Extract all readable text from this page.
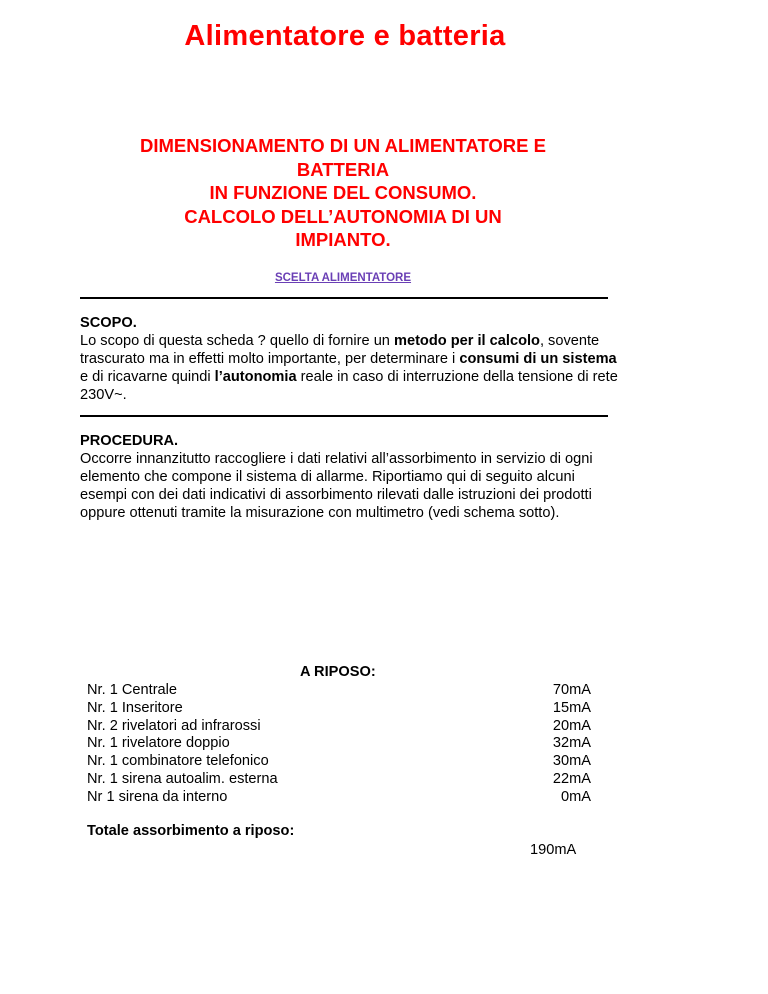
Alimentatore e batteria
DIMENSIONAMENTO DI UN ALIMENTATORE E
BATTERIA
IN FUNZIONE DEL CONSUMO.
CALCOLO DELL’AUTONOMIA DI UN
IMPIANTO.
SCELTA ALIMENTATORE
SCOPO.
Lo scopo di questa scheda ? quello di fornire un metodo per il calcolo, sovente trascurato ma in effetti molto importante, per determinare i consumi di un sistema e di ricavarne quindi l’autonomia reale in caso di interruzione della tensione di rete 230V~.
PROCEDURA.
Occorre innanzitutto raccogliere i dati relativi all’assorbimento in servizio di ogni elemento che compone il sistema di allarme. Riportiamo qui di seguito alcuni esempi con dei dati indicativi di assorbimento rilevati dalle istruzioni dei prodotti oppure ottenuti tramite la misurazione con multimetro (vedi schema sotto).
A RIPOSO:
Nr. 1 Centrale
Nr. 1 Inseritore
Nr. 2 rivelatori ad infrarossi
Nr. 1 rivelatore doppio
Nr. 1 combinatore telefonico
Nr. 1 sirena autoalim. esterna
Nr 1 sirena da interno
70mA
15mA
20mA
32mA
30mA
22mA
0mA
Totale assorbimento a riposo:
190mA
